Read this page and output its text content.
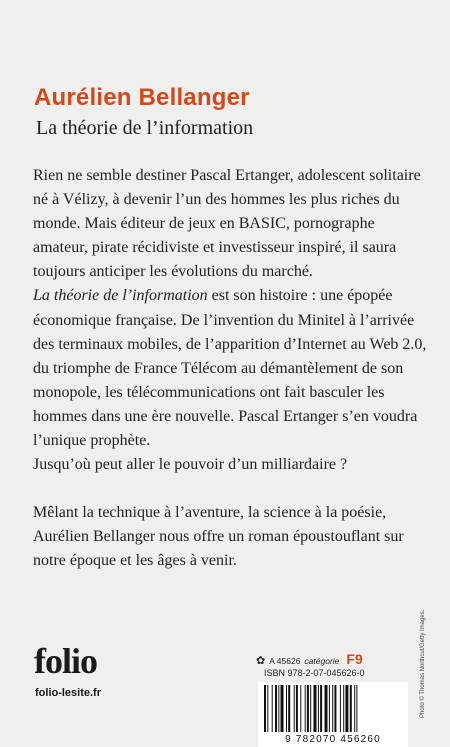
Aurélien Bellanger
La théorie de l’information

Rien ne semble destiner Pascal Ertanger, adolescent solitaire né à Vélizy, à devenir l’un des hommes les plus riches du monde. Mais éditeur de jeux en BASIC, pornographe amateur, pirate récidiviste et investisseur inspiré, il saura toujours anticiper les évolutions du marché.

La théorie de l’information est son histoire : une épopée économique française. De l’invention du Minitel à l’arrivée des terminaux mobiles, de l’apparition d’Internet au Web 2.0, du triomphe de France Télécom au démantèlement de son monopole, les télécommunications ont fait basculer les hommes dans une ère nouvelle. Pascal Ertanger s’en voudra l’unique prophète.

Jusqu’où peut aller le pouvoir d’un milliardaire ?

Mêlant la technique à l’aventure, la science à la poésie, Aurélien Bellanger nous offre un roman époustouflant sur notre époque et les âges à venir.

Photo © Thomas Northcut/Getty Images.
folio
folio-lesite.fr
✿ A 45626 catégorie F9
ISBN 978-2-07-045626-0
9 782070 456260
